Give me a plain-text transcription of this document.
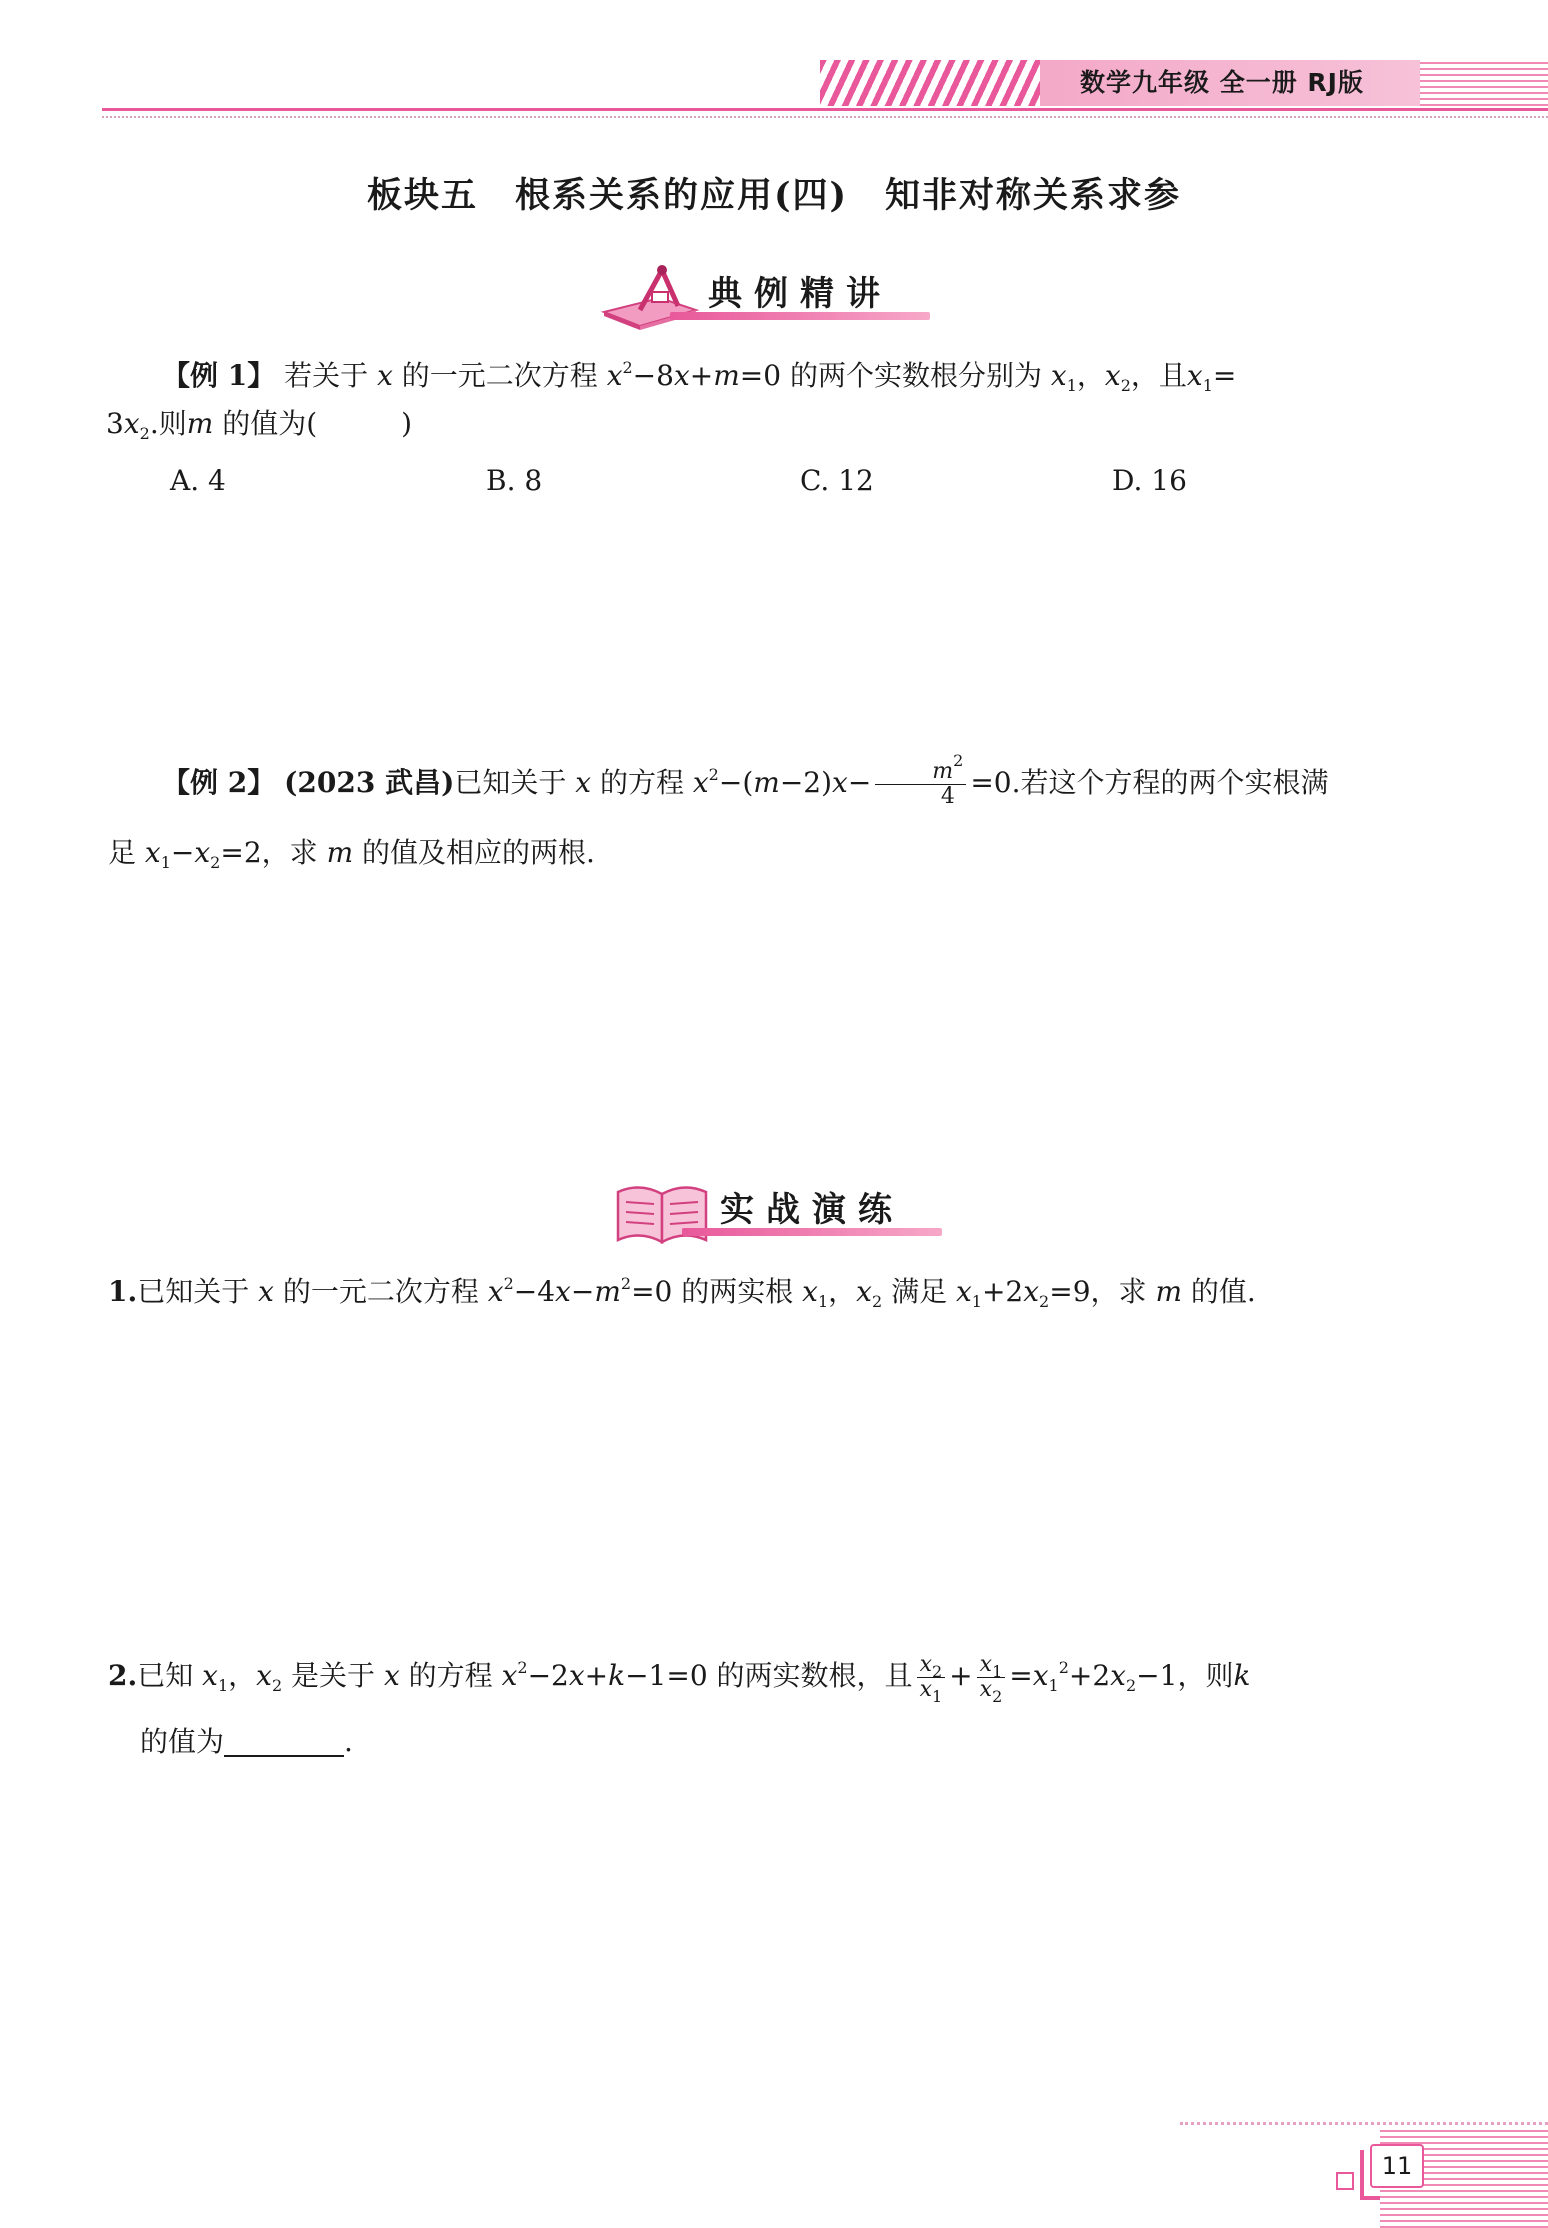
数学九年级 全一册 RJ版
板块五　根系关系的应用(四)　知非对称关系求参
典例精讲
【例 1】 若关于 x 的一元二次方程 $x^2-8x+m=0$ 的两个实数根分别为 $x_1$，$x_2$，且$x_1=$
$3x_2$.则m 的值为(　　　)
A. 4	B. 8	C. 12	D. 16
【例 2】 (2023 武昌)已知关于 x 的方程 $x^2-(m-2)x- \frac{m^2}{4} =0$.若这个方程的两个实根满
足 $x_1-x_2=2$，求 m 的值及相应的两根.
实战演练
1.已知关于 x 的一元二次方程 $x^2-4x-m^2=0$ 的两实根 $x_1$，$x_2$ 满足 $x_1+2x_2=9$，求 m 的值.
2.已知 $x_1$，$x_2$ 是关于 x 的方程 $x^2-2x+k-1=0$ 的两实数根，且 $\frac{x_2}{x_1} + \frac{x_1}{x_2} =x_1^2+2x_2-1$，则k
的值为	.
11
